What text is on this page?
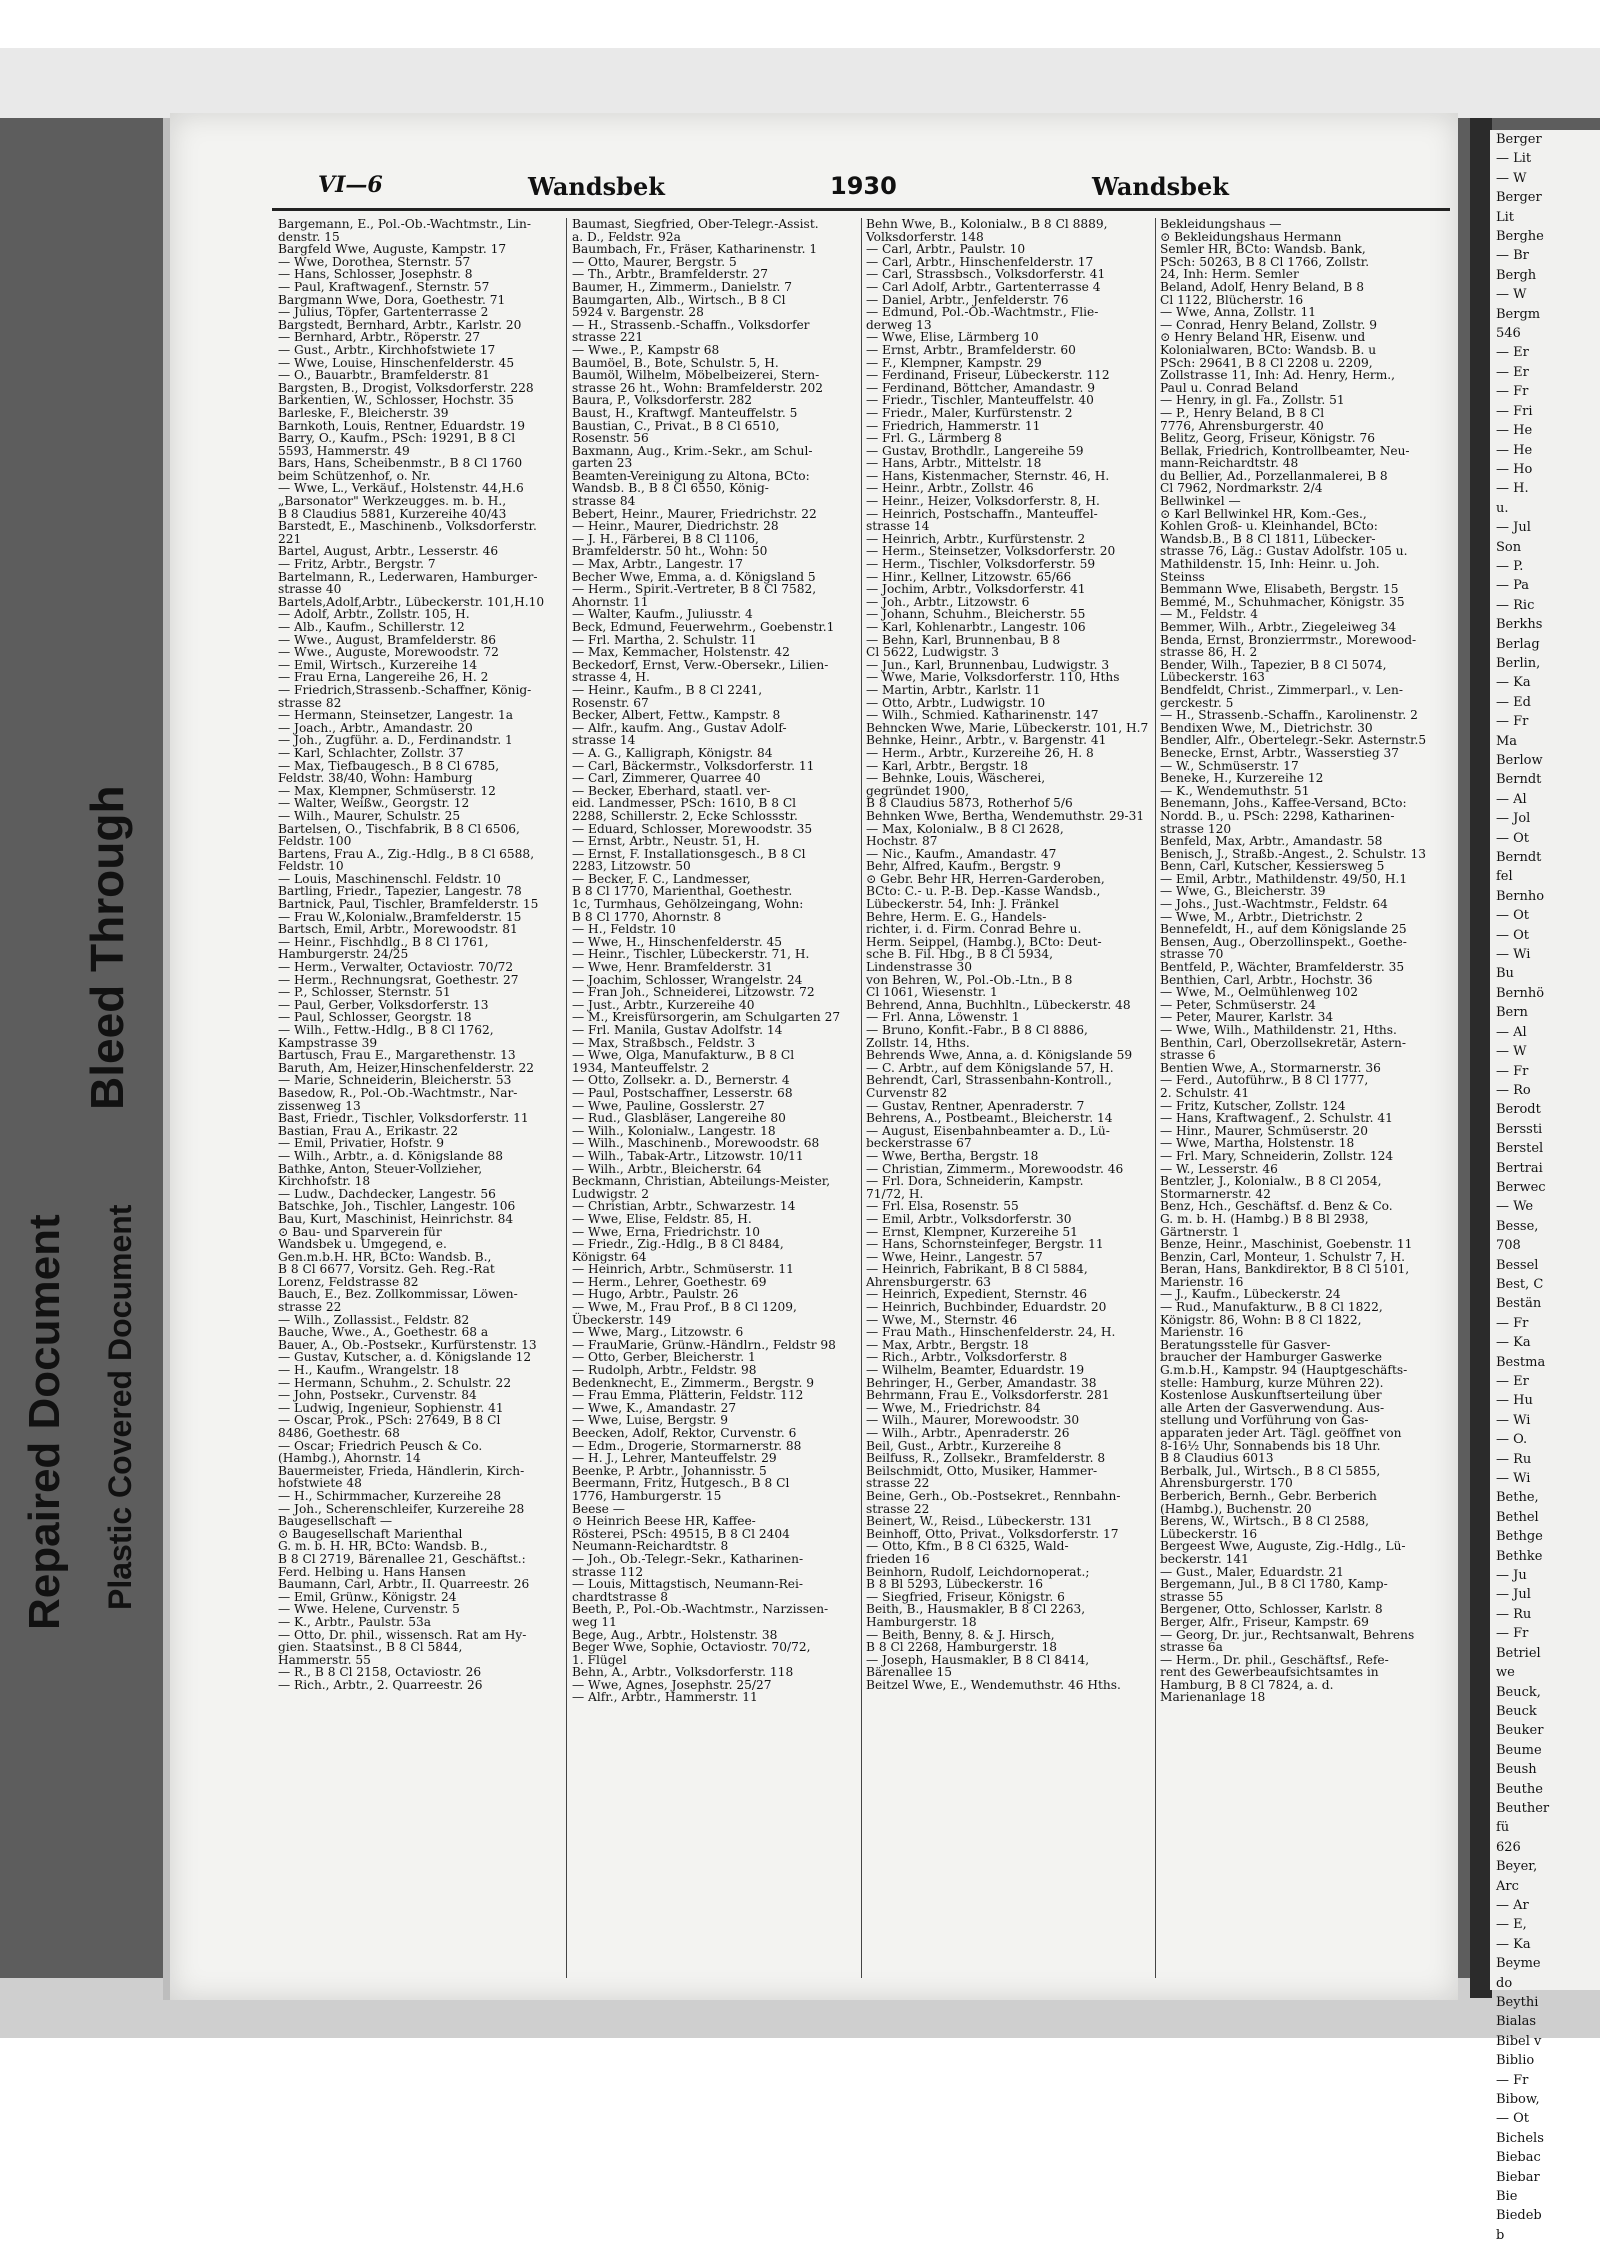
Berger
— Lit
— W
Berger
Lit
Berghe
— Br
Bergh
— W
Bergm
546
— Er
— Er
— Fr
— Fri
— He
— He
— Ho
— H.
u.
— Jul
Son
— P.
— Pa
— Ric
Berkhs
Berlag
Berlin,
— Ka
— Ed
— Fr
Ma
Berlow
Berndt
— Al
— Jol
— Ot
Berndt
fel
Bernho
— Ot
— Ot
— Wi
Bu
Bernhö
Bern
— Al
— W
— Fr
— Ro
Berodt
Berssti
Berstel
Bertrai
Berwec
— We
Besse,
708
Bessel
Best, C
Bestän
— Fr
— Ka
Bestma
— Er
— Hu
— Wi
— O.
— Ru
— Wi
Bethe,
Bethel
Bethge
Bethke
— Ju
— Jul
— Ru
— Fr
Betriel
we
Beuck,
Beuck
Beuker
Beume
Beush
Beuthe
Beuther
fü
626
Beyer,
Arc
— Ar
— E,
— Ka
Beyme
do
Beythi
Bialas
Bibel v
Biblio
— Fr
Bibow,
— Ot
Bichels
Biebac
Biebar
Bie
Biedeb
b
Repaired Document Plastic Covered Document
Bleed Through
VI—6	Wandsbek	1930	Wandsbek
Bargemann, E., Pol.-Ob.-Wachtmstr., Lin-
denstr. 15
Bargfeld Wwe, Auguste, Kampstr. 17
— Wwe, Dorothea, Sternstr. 57
— Hans, Schlosser, Josephstr. 8
— Paul, Kraftwagenf., Sternstr. 57
Bargmann Wwe, Dora, Goethestr. 71
— Julius, Töpfer, Gartenterrasse 2
Bargstedt, Bernhard, Arbtr., Karlstr. 20
— Bernhard, Arbtr., Röperstr. 27
— Gust., Arbtr., Kirchhofstwiete 17
— Wwe, Louise, Hinschenfelderstr. 45
— O., Bauarbtr., Bramfelderstr. 81
Bargsten, B., Drogist, Volksdorferstr. 228
Barkentien, W., Schlosser, Hochstr. 35
Barleske, F., Bleicherstr. 39
Barnkoth, Louis, Rentner, Eduardstr. 19
Barry, O., Kaufm., PSch: 19291, B 8 Cl
5593, Hammerstr. 49
Bars, Hans, Scheibenmstr., B 8 Cl 1760
beim Schützenhof, o. Nr.
— Wwe, L., Verkäuf., Holstenstr. 44,H.6
„Barsonator" Werkzeugges. m. b. H.,
B 8 Claudius 5881, Kurzereihe 40/43
Barstedt, E., Maschinenb., Volksdorferstr.
221
Bartel, August, Arbtr., Lesserstr. 46
— Fritz, Arbtr., Bergstr. 7
Bartelmann, R., Lederwaren, Hamburger-
strasse 40
Bartels,Adolf,Arbtr., Lübeckerstr. 101,H.10
— Adolf, Arbtr., Zollstr. 105, H.
— Alb., Kaufm., Schillerstr. 12
— Wwe., August, Bramfelderstr. 86
— Wwe., Auguste, Morewoodstr. 72
— Emil, Wirtsch., Kurzereihe 14
— Frau Erna, Langereihe 26, H. 2
— Friedrich,Strassenb.-Schaffner, König-
strasse 82
— Hermann, Steinsetzer, Langestr. 1a
— Joach., Arbtr., Amandastr. 20
— Joh., Zugführ. a. D., Ferdinandstr. 1
— Karl, Schlachter, Zollstr. 37
— Max, Tiefbaugesch., B 8 Cl 6785,
Feldstr. 38/40, Wohn: Hamburg
— Max, Klempner, Schmüserstr. 12
— Walter, Weißw., Georgstr. 12
— Wilh., Maurer, Schulstr. 25
Bartelsen, O., Tischfabrik, B 8 Cl 6506,
Feldstr. 100
Bartens, Frau A., Zig.-Hdlg., B 8 Cl 6588,
Feldstr. 10
— Louis, Maschinenschl. Feldstr. 10
Bartling, Friedr., Tapezier, Langestr. 78
Bartnick, Paul, Tischler, Bramfelderstr. 15
— Frau W.,Kolonialw.,Bramfelderstr. 15
Bartsch, Emil, Arbtr., Morewoodstr. 81
— Heinr., Fischhdlg., B 8 Cl 1761,
Hamburgerstr. 24/25
— Herm., Verwalter, Octaviostr. 70/72
— Herm., Rechnungsrat, Goethestr. 27
— P., Schlosser, Sternstr. 51
— Paul, Gerber, Volksdorferstr. 13
— Paul, Schlosser, Georgstr. 18
— Wilh., Fettw.-Hdlg., B 8 Cl 1762,
Kampstrasse 39
Bartusch, Frau E., Margarethenstr. 13
Baruth, Am, Heizer,Hinschenfelderstr. 22
— Marie, Schneiderin, Bleicherstr. 53
Basedow, R., Pol.-Ob.-Wachtmstr., Nar-
zissenweg 13
Bast, Friedr., Tischler, Volksdorferstr. 11
Bastian, Frau A., Erikastr. 22
— Emil, Privatier, Hofstr. 9
— Wilh., Arbtr., a. d. Königslande 88
Bathke, Anton, Steuer-Vollzieher,
Kirchhofstr. 18
— Ludw., Dachdecker, Langestr. 56
Batschke, Joh., Tischler, Langestr. 106
Bau, Kurt, Maschinist, Heinrichstr. 84
⊙ Bau- und Sparverein für
Wandsbek u. Umgegend, e.
Gen.m.b.H. HR, BCto: Wandsb. B.,
B 8 Cl 6677, Vorsitz. Geh. Reg.-Rat
Lorenz, Feldstrasse 82
Bauch, E., Bez. Zollkommissar, Löwen-
strasse 22
— Wilh., Zollassist., Feldstr. 82
Bauche, Wwe., A., Goethestr. 68 a
Bauer, A., Ob.-Postsekr., Kurfürstenstr. 13
— Gustav, Kutscher, a. d. Königslande 12
— H., Kaufm., Wrangelstr. 18
— Hermann, Schuhm., 2. Schulstr. 22
— John, Postsekr., Curvenstr. 84
— Ludwig, Ingenieur, Sophienstr. 41
— Oscar, Prok., PSch: 27649, B 8 Cl
8486, Goethestr. 68
— Oscar; Friedrich Peusch & Co.
(Hambg.), Ahornstr. 14
Bauermeister, Frieda, Händlerin, Kirch-
hofstwiete 48
— H., Schirmmacher, Kurzereihe 28
— Joh., Scherenschleifer, Kurzereihe 28
Baugesellschaft —
⊙ Baugesellschaft Marienthal
G. m. b. H. HR, BCto: Wandsb. B.,
B 8 Cl 2719, Bärenallee 21, Geschäftst.:
Ferd. Helbing u. Hans Hansen
Baumann, Carl, Arbtr., II. Quarreestr. 26
— Emil, Grünw., Königstr. 24
— Wwe. Helene, Curvenstr. 5
— K., Arbtr., Paulstr. 53a
— Otto, Dr. phil., wissensch. Rat am Hy-
gien. Staatsinst., B 8 Cl 5844,
Hammerstr. 55
— R., B 8 Cl 2158, Octaviostr. 26
— Rich., Arbtr., 2. Quarreestr. 26
Baumast, Siegfried, Ober-Telegr.-Assist.
a. D., Feldstr. 92a
Baumbach, Fr., Fräser, Katharinenstr. 1
— Otto, Maurer, Bergstr. 5
— Th., Arbtr., Bramfelderstr. 27
Baumer, H., Zimmerm., Danielstr. 7
Baumgarten, Alb., Wirtsch., B 8 Cl
5924 v. Bargenstr. 28
— H., Strassenb.-Schaffn., Volksdorfer
strasse 221
— Wwe., P., Kampstr 68
Baumöel, B., Bote, Schulstr. 5, H.
Baumöl, Wilhelm, Möbelbeizerei, Stern-
strasse 26 ht., Wohn: Bramfelderstr. 202
Baura, P., Volksdorferstr. 282
Baust, H., Kraftwgf. Manteuffelstr. 5
Baustian, C., Privat., B 8 Cl 6510,
Rosenstr. 56
Baxmann, Aug., Krim.-Sekr., am Schul-
garten 23
Beamten-Vereinigung zu Altona, BCto:
Wandsb. B., B 8 Cl 6550, König-
strasse 84
Bebert, Heinr., Maurer, Friedrichstr. 22
— Heinr., Maurer, Diedrichstr. 28
— J. H., Färberei, B 8 Cl 1106,
Bramfelderstr. 50 ht., Wohn: 50
— Max, Arbtr., Langestr. 17
Becher Wwe, Emma, a. d. Königsland 5
— Herm., Spirit.-Vertreter, B 8 Cl 7582,
Ahornstr. 11
— Walter, Kaufm., Juliusstr. 4
Beck, Edmund, Feuerwehrm., Goebenstr.1
— Frl. Martha, 2. Schulstr. 11
— Max, Kemmacher, Holstenstr. 42
Beckedorf, Ernst, Verw.-Obersekr., Lilien-
strasse 4, H.
— Heinr., Kaufm., B 8 Cl 2241,
Rosenstr. 67
Becker, Albert, Fettw., Kampstr. 8
— Alfr., kaufm. Ang., Gustav Adolf-
strasse 14
— A. G., Kalligraph, Königstr. 84
— Carl, Bäckermstr., Volksdorferstr. 11
— Carl, Zimmerer, Quarree 40
— Becker, Eberhard, staatl. ver-
eid. Landmesser, PSch: 1610, B 8 Cl
2288, Schillerstr. 2, Ecke Schlossstr.
— Eduard, Schlosser, Morewoodstr. 35
— Ernst, Arbtr., Neustr. 51, H.
— Ernst, F. Installationsgesch., B 8 Cl
2283, Litzowstr. 50
— Becker, F. C., Landmesser,
B 8 Cl 1770, Marienthal, Goethestr.
1c, Turmhaus, Gehölzeingang, Wohn:
B 8 Cl 1770, Ahornstr. 8
— H., Feldstr. 10
— Wwe, H., Hinschenfelderstr. 45
— Heinr., Tischler, Lübeckerstr. 71, H.
— Wwe, Henr. Bramfelderstr. 31
— Joachim, Schlosser, Wrangelstr. 24
— Fran Joh., Schneiderei, Litzowstr. 72
— Just., Arbtr., Kurzereihe 40
— M., Kreisfürsorgerin, am Schulgarten 27
— Frl. Manila, Gustav Adolfstr. 14
— Max, Straßbsch., Feldstr. 3
— Wwe, Olga, Manufakturw., B 8 Cl
1934, Manteuffelstr. 2
— Otto, Zollsekr. a. D., Bernerstr. 4
— Paul, Postschaffner, Lesserstr. 68
— Wwe, Pauline, Gosslerstr. 27
— Rud., Glasbläser, Langereihe 80
— Wilh., Kolonialw., Langestr. 18
— Wilh., Maschinenb., Morewoodstr. 68
— Wilh., Tabak-Artr., Litzowstr. 10/11
— Wilh., Arbtr., Bleicherstr. 64
Beckmann, Christian, Abteilungs-Meister,
Ludwigstr. 2
— Christian, Arbtr., Schwarzestr. 14
— Wwe, Elise, Feldstr. 85, H.
— Wwe, Erna, Friedrichstr. 10
— Friedr., Zig.-Hdlg., B 8 Cl 8484,
Königstr. 64
— Heinrich, Arbtr., Schmüserstr. 11
— Herm., Lehrer, Goethestr. 69
— Hugo, Arbtr., Paulstr. 26
— Wwe, M., Frau Prof., B 8 Cl 1209,
Übeckerstr. 149
— Wwe, Marg., Litzowstr. 6
— FrauMarie, Grünw.-Händlrn., Feldstr 98
— Otto, Gerber, Bleicherstr. 1
— Rudolph, Arbtr., Feldstr. 98
Bedenknecht, E., Zimmerm., Bergstr. 9
— Frau Emma, Plätterin, Feldstr. 112
— Wwe, K., Amandastr. 27
— Wwe, Luise, Bergstr. 9
Beecken, Adolf, Rektor, Curvenstr. 6
— Edm., Drogerie, Stormarnerstr. 88
— H. J., Lehrer, Manteuffelstr. 29
Beenke, P. Arbtr., Johannisstr. 5
Beermann, Fritz, Hutgesch., B 8 Cl
1776, Hamburgerstr. 15
Beese —
⊙ Heinrich Beese HR, Kaffee-
Rösterei, PSch: 49515, B 8 Cl 2404
Neumann-Reichardtstr. 8
— Joh., Ob.-Telegr.-Sekr., Katharinen-
strasse 112
— Louis, Mittagstisch, Neumann-Rei-
chardtstrasse 8
Beeth, P., Pol.-Ob.-Wachtmstr., Narzissen-
weg 11
Bege, Aug., Arbtr., Holstenstr. 38
Beger Wwe, Sophie, Octaviostr. 70/72,
1. Flügel
Behn, A., Arbtr., Volksdorferstr. 118
— Wwe, Agnes, Josephstr. 25/27
— Alfr., Arbtr., Hammerstr. 11
Behn Wwe, B., Kolonialw., B 8 Cl 8889,
Volksdorferstr. 148
— Carl, Arbtr., Paulstr. 10
— Carl, Arbtr., Hinschenfelderstr. 17
— Carl, Strassbsch., Volksdorferstr. 41
— Carl Adolf, Arbtr., Gartenterrasse 4
— Daniel, Arbtr., Jenfelderstr. 76
— Edmund, Pol.-Ob.-Wachtmstr., Flie-
derweg 13
— Wwe, Elise, Lärmberg 10
— Ernst, Arbtr., Bramfelderstr. 60
— F., Klempner, Kampstr. 29
— Ferdinand, Friseur, Lübeckerstr. 112
— Ferdinand, Böttcher, Amandastr. 9
— Friedr., Tischler, Manteuffelstr. 40
— Friedr., Maler, Kurfürstenstr. 2
— Friedrich, Hammerstr. 11
— Frl. G., Lärmberg 8
— Gustav, Brothdlr., Langereihe 59
— Hans, Arbtr., Mittelstr. 18
— Hans, Kistenmacher, Sternstr. 46, H.
— Heinr., Arbtr., Zollstr. 46
— Heinr., Heizer, Volksdorferstr. 8, H.
— Heinrich, Postschaffn., Manteuffel-
strasse 14
— Heinrich, Arbtr., Kurfürstenstr. 2
— Herm., Steinsetzer, Volksdorferstr. 20
— Herm., Tischler, Volksdorferstr. 59
— Hinr., Kellner, Litzowstr. 65/66
— Jochim, Arbtr., Volksdorferstr. 41
— Joh., Arbtr., Litzowstr. 6
— Johann, Schuhm., Bleicherstr. 55
— Karl, Kohlenarbtr., Langestr. 106
— Behn, Karl, Brunnenbau, B 8
Cl 5622, Ludwigstr. 3
— Jun., Karl, Brunnenbau, Ludwigstr. 3
— Wwe, Marie, Volksdorferstr. 110, Hths
— Martin, Arbtr., Karlstr. 11
— Otto, Arbtr., Ludwigstr. 10
— Wilh., Schmied. Katharinenstr. 147
Behncken Wwe, Marie, Lübeckerstr. 101, H.7
Behnke, Heinr., Arbtr., v. Bargenstr. 41
— Herm., Arbtr., Kurzereihe 26, H. 8
— Karl, Arbtr., Bergstr. 18
— Behnke, Louis, Wäscherei,
gegründet 1900,
B 8 Claudius 5873, Rotherhof 5/6
Behnken Wwe, Bertha, Wendemuthstr. 29-31
— Max, Kolonialw., B 8 Cl 2628,
Hochstr. 87
— Nic., Kaufm., Amandastr. 47
Behr, Alfred, Kaufm., Bergstr. 9
⊙ Gebr. Behr HR, Herren-Garderoben,
BCto: C.- u. P.-B. Dep.-Kasse Wandsb.,
Lübeckerstr. 54, Inh: J. Fränkel
Behre, Herm. E. G., Handels-
richter, i. d. Firm. Conrad Behre u.
Herm. Seippel, (Hambg.), BCto: Deut-
sche B. Fil. Hbg., B 8 Cl 5934,
Lindenstrasse 30
von Behren, W., Pol.-Ob.-Ltn., B 8
Cl 1061, Wiesenstr. 1
Behrend, Anna, Buchhltn., Lübeckerstr. 48
— Frl. Anna, Löwenstr. 1
— Bruno, Konfit.-Fabr., B 8 Cl 8886,
Zollstr. 14, Hths.
Behrends Wwe, Anna, a. d. Königslande 59
— C. Arbtr., auf dem Königslande 57, H.
Behrendt, Carl, Strassenbahn-Kontroll.,
Curvenstr 82
— Gustav, Rentner, Apenraderstr. 7
Behrens, A., Postbeamt., Bleicherstr. 14
— August, Eisenbahnbeamter a. D., Lü-
beckerstrasse 67
— Wwe, Bertha, Bergstr. 18
— Christian, Zimmerm., Morewoodstr. 46
— Frl. Dora, Schneiderin, Kampstr.
71/72, H.
— Frl. Elsa, Rosenstr. 55
— Emil, Arbtr., Volksdorferstr. 30
— Ernst, Klempner, Kurzereihe 51
— Hans, Schornsteinfeger, Bergstr. 11
— Wwe, Heinr., Langestr. 57
— Heinrich, Fabrikant, B 8 Cl 5884,
Ahrensburgerstr. 63
— Heinrich, Expedient, Sternstr. 46
— Heinrich, Buchbinder, Eduardstr. 20
— Wwe, M., Sternstr. 46
— Frau Math., Hinschenfelderstr. 24, H.
— Max, Arbtr., Bergstr. 18
— Rich., Arbtr., Volksdorferstr. 8
— Wilhelm, Beamter, Eduardstr. 19
Behringer, H., Gerber, Amandastr. 38
Behrmann, Frau E., Volksdorferstr. 281
— Wwe, M., Friedrichstr. 84
— Wilh., Maurer, Morewoodstr. 30
— Wilh., Arbtr., Apenraderstr. 26
Beil, Gust., Arbtr., Kurzereihe 8
Beilfuss, R., Zollsekr., Bramfelderstr. 8
Beilschmidt, Otto, Musiker, Hammer-
strasse 22
Beine, Gerh., Ob.-Postsekret., Rennbahn-
strasse 22
Beinert, W., Reisd., Lübeckerstr. 131
Beinhoff, Otto, Privat., Volksdorferstr. 17
— Otto, Kfm., B 8 Cl 6325, Wald-
frieden 16
Beinhorn, Rudolf, Leichdornoperat.;
B 8 Bl 5293, Lübeckerstr. 16
— Siegfried, Friseur, Königstr. 6
Beith, B., Hausmakler, B 8 Cl 2263,
Hamburgerstr. 18
— Beith, Benny, 8. & J. Hirsch,
B 8 Cl 2268, Hamburgerstr. 18
— Joseph, Hausmakler, B 8 Cl 8414,
Bärenallee 15
Beitzel Wwe, E., Wendemuthstr. 46 Hths.
Bekleidungshaus —
⊙ Bekleidungshaus Hermann
Semler HR, BCto: Wandsb. Bank,
PSch: 50263, B 8 Cl 1766, Zollstr.
24, Inh: Herm. Semler
Beland, Adolf, Henry Beland, B 8
Cl 1122, Blücherstr. 16
— Wwe, Anna, Zollstr. 11
— Conrad, Henry Beland, Zollstr. 9
⊙ Henry Beland HR, Eisenw. und
Kolonialwaren, BCto: Wandsb. B. u
PSch: 29641, B 8 Cl 2208 u. 2209,
Zollstrasse 11, Inh: Ad. Henry, Herm.,
Paul u. Conrad Beland
— Henry, in gl. Fa., Zollstr. 51
— P., Henry Beland, B 8 Cl
7776, Ahrensburgerstr. 40
Belitz, Georg, Friseur, Königstr. 76
Bellak, Friedrich, Kontrollbeamter, Neu-
mann-Reichardtstr. 48
du Bellier, Ad., Porzellanmalerei, B 8
Cl 7962, Nordmarkstr. 2/4
Bellwinkel —
⊙ Karl Bellwinkel HR, Kom.-Ges.,
Kohlen Groß- u. Kleinhandel, BCto:
Wandsb.B., B 8 Cl 1811, Lübecker-
strasse 76, Läg.: Gustav Adolfstr. 105 u.
Mathildenstr. 15, Inh: Heinr. u. Joh.
Steinss
Bemmann Wwe, Elisabeth, Bergstr. 15
Bemmé, M., Schuhmacher, Königstr. 35
— M., Feldstr. 4
Bemmer, Wilh., Arbtr., Ziegeleiweg 34
Benda, Ernst, Bronzierrmstr., Morewood-
strasse 86, H. 2
Bender, Wilh., Tapezier, B 8 Cl 5074,
Lübeckerstr. 163
Bendfeldt, Christ., Zimmerparl., v. Len-
gerckestr. 5
— H., Strassenb.-Schaffn., Karolinenstr. 2
Bendixen Wwe, M., Dietrichstr. 30
Bendler, Alfr., Obertelegr.-Sekr. Asternstr.5
Benecke, Ernst, Arbtr., Wasserstieg 37
— W., Schmüserstr. 17
Beneke, H., Kurzereihe 12
— K., Wendemuthstr. 51
Benemann, Johs., Kaffee-Versand, BCto:
Nordd. B., u. PSch: 2298, Katharinen-
strasse 120
Benfeld, Max, Arbtr., Amandastr. 58
Benisch, J., Straßb.-Angest., 2. Schulstr. 13
Benn, Carl, Kutscher, Kessiersweg 5
— Emil, Arbtr., Mathildenstr. 49/50, H.1
— Wwe, G., Bleicherstr. 39
— Johs., Just.-Wachtmstr., Feldstr. 64
— Wwe, M., Arbtr., Dietrichstr. 2
Bennefeldt, H., auf dem Königslande 25
Bensen, Aug., Oberzollinspekt., Goethe-
strasse 70
Bentfeld, P., Wächter, Bramfelderstr. 35
Benthien, Carl, Arbtr., Hochstr. 36
— Wwe, M., Oelmühlenweg 102
— Peter, Schmüserstr. 24
— Peter, Maurer, Karlstr. 34
— Wwe, Wilh., Mathildenstr. 21, Hths.
Benthin, Carl, Oberzollsekretär, Astern-
strasse 6
Bentien Wwe, A., Stormarnerstr. 36
— Ferd., Autoführw., B 8 Cl 1777,
2. Schulstr. 41
— Fritz, Kutscher, Zollstr. 124
— Hans, Kraftwagenf., 2. Schulstr. 41
— Hinr., Maurer, Schmüserstr. 20
— Wwe, Martha, Holstenstr. 18
— Frl. Mary, Schneiderin, Zollstr. 124
— W., Lesserstr. 46
Bentzler, J., Kolonialw., B 8 Cl 2054,
Stormarnerstr. 42
Benz, Hch., Geschäftsf. d. Benz & Co.
G. m. b. H. (Hambg.) B 8 Bl 2938,
Gärtnerstr. 1
Benze, Heinr., Maschinist, Goebenstr. 11
Benzin, Carl, Monteur, 1. Schulstr 7, H.
Beran, Hans, Bankdirektor, B 8 Cl 5101,
Marienstr. 16
— J., Kaufm., Lübeckerstr. 24
— Rud., Manufakturw., B 8 Cl 1822,
Königstr. 86, Wohn: B 8 Cl 1822,
Marienstr. 16
Beratungsstelle für Gasver-
braucher der Hamburger Gaswerke
G.m.b.H., Kampstr. 94 (Hauptgeschäfts-
stelle: Hamburg, kurze Mühren 22).
Kostenlose Auskunftserteilung über
alle Arten der Gasverwendung. Aus-
stellung und Vorführung von Gas-
apparaten jeder Art. Tägl. geöffnet von
8-16½ Uhr, Sonnabends bis 18 Uhr.
B 8 Claudius 6013
Berbalk, Jul., Wirtsch., B 8 Cl 5855,
Ahrensburgerstr. 170
Berberich, Bernh., Gebr. Berberich
(Hambg.), Buchenstr. 20
Berens, W., Wirtsch., B 8 Cl 2588,
Lübeckerstr. 16
Bergeest Wwe, Auguste, Zig.-Hdlg., Lü-
beckerstr. 141
— Gust., Maler, Eduardstr. 21
Bergemann, Jul., B 8 Cl 1780, Kamp-
strasse 55
Bergener, Otto, Schlosser, Karlstr. 8
Berger, Alfr., Friseur, Kampstr. 69
— Georg, Dr. jur., Rechtsanwalt, Behrens
strasse 6a
— Herm., Dr. phil., Geschäftsf., Refe-
rent des Gewerbeaufsichtsamtes in
Hamburg, B 8 Cl 7824, a. d.
Marienanlage 18
